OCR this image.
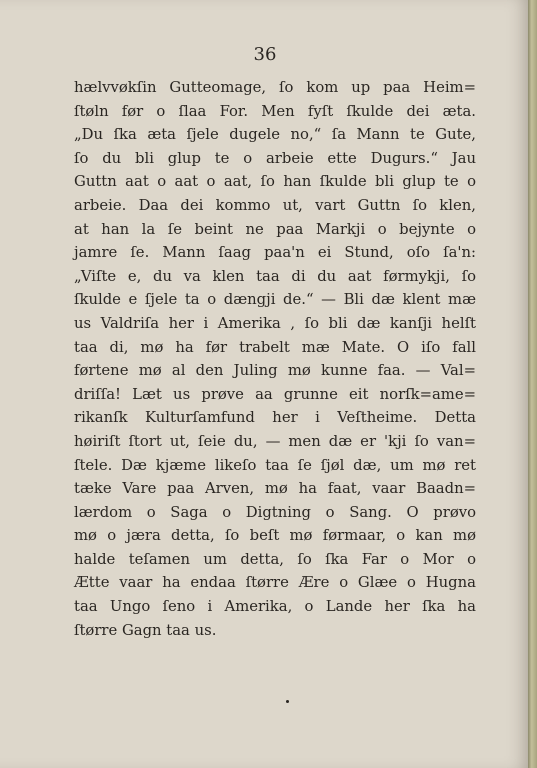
36
hælvvøkſin Gutteomage, ſo kom up paa Heim=
ſtøln før o ſlaa For. Men fyſt ſkulde dei æta.
„Du ſka æta ſjele dugele no,“ ſa Mann te Gute,
ſo du bli glup te o arbeie ette Dugurs.“ Jau
Guttn aat o aat o aat, ſo han ſkulde bli glup te o
arbeie. Daa dei kommo ut, vart Guttn ſo klen,
at han la ſe beint ne paa Markji o bejynte o
jamre ſe. Mann ſaag paa'n ei Stund, oſo ſa'n:
„Viſte e, du va klen taa di du aat førmykji, ſo
ſkulde e ſjele ta o dængji de.“ — Bli dæ klent mæ
us Valdriſa her i Amerika , ſo bli dæ kanſji helſt
taa di, mø ha før trabelt mæ Mate. O iſo fall
førtene mø al den Juling mø kunne faa. — Val=
driſſa! Læt us prøve aa grunne eit norſk=ame=
rikanſk Kulturſamfund her i Veſtheime. Detta
høiriſt ſtort ut, ſeie du, — men dæ er 'kji ſo van=
ſtele. Dæ kjæme likeſo taa ſe ſjøl dæ, um mø ret
tæke Vare paa Arven, mø ha faat, vaar Baadn=
lærdom o Saga o Digtning o Sang. O prøvo
mø o jæra detta, ſo beſt mø førmaar, o kan mø
halde teſamen um detta, ſo ſka Far o Mor o
Ætte vaar ha endaa ſtørre Ære o Glæe o Hugna
taa Ungo ſeno i Amerika, o Lande her ſka ha
ſtørre Gagn taa us.
